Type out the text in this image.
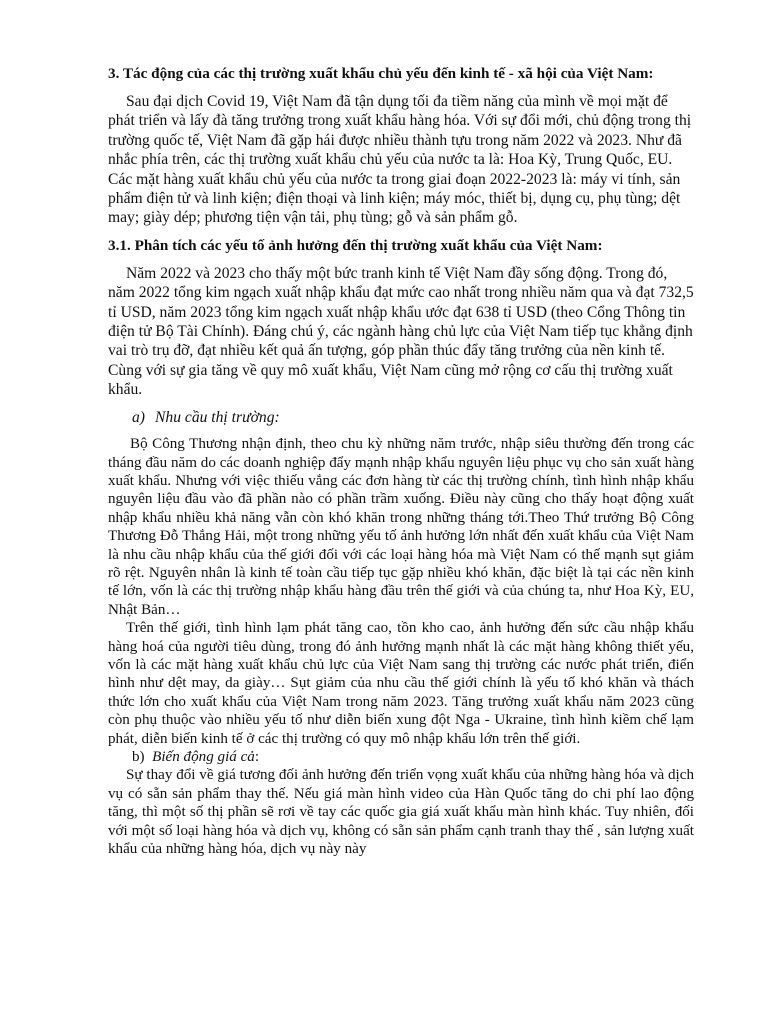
3. Tác động của các thị trường xuất khẩu chủ yếu đến kinh tế - xã hội của Việt Nam:

Sau đại dịch Covid 19, Việt Nam đã tận dụng tối đa tiềm năng của mình về mọi mặt để phát triển và lấy đà tăng trưởng trong xuất khẩu hàng hóa. Với sự đổi mới, chủ động trong thị trường quốc tế, Việt Nam đã gặp hái được nhiều thành tựu trong năm 2022 và 2023. Như đã nhắc phía trên, các thị trường xuất khẩu chủ yếu của nước ta là: Hoa Kỳ, Trung Quốc, EU. Các mặt hàng xuất khẩu chủ yếu của nước ta trong giai đoạn 2022-2023 là: máy vi tính, sản phẩm điện tử và linh kiện; điện thoại và linh kiện; máy móc, thiết bị, dụng cụ, phụ tùng; dệt may; giày dép; phương tiện vận tải, phụ tùng; gỗ và sản phẩm gỗ.

3.1. Phân tích các yếu tố ảnh hưởng đến thị trường xuất khẩu của Việt Nam:

Năm 2022 và 2023 cho thấy một bức tranh kinh tế Việt Nam đầy sống động. Trong đó, năm 2022 tổng kim ngạch xuất nhập khẩu đạt mức cao nhất trong nhiều năm qua và đạt 732,5 tỉ USD, năm 2023 tổng kim ngạch xuất nhập khẩu ước đạt 638 tỉ USD (theo Cổng Thông tin điện tử Bộ Tài Chính). Đáng chú ý, các ngành hàng chủ lực của Việt Nam tiếp tục khẳng định vai trò trụ đỡ, đạt nhiều kết quả ấn tượng, góp phần thúc đẩy tăng trưởng của nền kinh tế. Cùng với sự gia tăng về quy mô xuất khẩu, Việt Nam cũng mở rộng cơ cấu thị trường xuất khẩu.

a) Nhu cầu thị trường:

Bộ Công Thương nhận định, theo chu kỳ những năm trước, nhập siêu thường đến trong các tháng đầu năm do các doanh nghiệp đẩy mạnh nhập khẩu nguyên liệu phục vụ cho sản xuất hàng xuất khẩu. Nhưng với việc thiếu vắng các đơn hàng từ các thị trường chính, tình hình nhập khẩu nguyên liệu đầu vào đã phần nào có phần trầm xuống. Điều này cũng cho thấy hoạt động xuất nhập khẩu nhiều khả năng vẫn còn khó khăn trong những tháng tới.Theo Thứ trưởng Bộ Công Thương Đỗ Thắng Hải, một trong những yếu tố ảnh hưởng lớn nhất đến xuất khẩu của Việt Nam là nhu cầu nhập khẩu của thế giới đối với các loại hàng hóa mà Việt Nam có thế mạnh sụt giảm rõ rệt. Nguyên nhân là kinh tế toàn cầu tiếp tục gặp nhiều khó khăn, đặc biệt là tại các nền kinh tế lớn, vốn là các thị trường nhập khẩu hàng đầu trên thế giới và của chúng ta, như Hoa Kỳ, EU, Nhật Bản…

Trên thế giới, tình hình lạm phát tăng cao, tồn kho cao, ảnh hưởng đến sức cầu nhập khẩu hàng hoá của người tiêu dùng, trong đó ảnh hưởng mạnh nhất là các mặt hàng không thiết yếu, vốn là các mặt hàng xuất khẩu chủ lực của Việt Nam sang thị trường các nước phát triển, điển hình như dệt may, da giày… Sụt giảm của nhu cầu thế giới chính là yếu tố khó khăn và thách thức lớn cho xuất khẩu của Việt Nam trong năm 2023. Tăng trưởng xuất khẩu năm 2023 cũng còn phụ thuộc vào nhiều yếu tố như diễn biến xung đột Nga - Ukraine, tình hình kiềm chế lạm phát, diễn biến kinh tế ở các thị trường có quy mô nhập khẩu lớn trên thế giới.

b) Biến động giá cả:

Sự thay đổi về giá tương đối ảnh hưởng đến triển vọng xuất khẩu của những hàng hóa và dịch vụ có sẵn sản phẩm thay thế. Nếu giá màn hình video của Hàn Quốc tăng do chi phí lao động tăng, thì một số thị phần sẽ rơi về tay các quốc gia giá xuất khẩu màn hình khác. Tuy nhiên, đối với một số loại hàng hóa và dịch vụ, không có sẵn sản phẩm cạnh tranh thay thế , sản lượng xuất khẩu của những hàng hóa, dịch vụ này này
